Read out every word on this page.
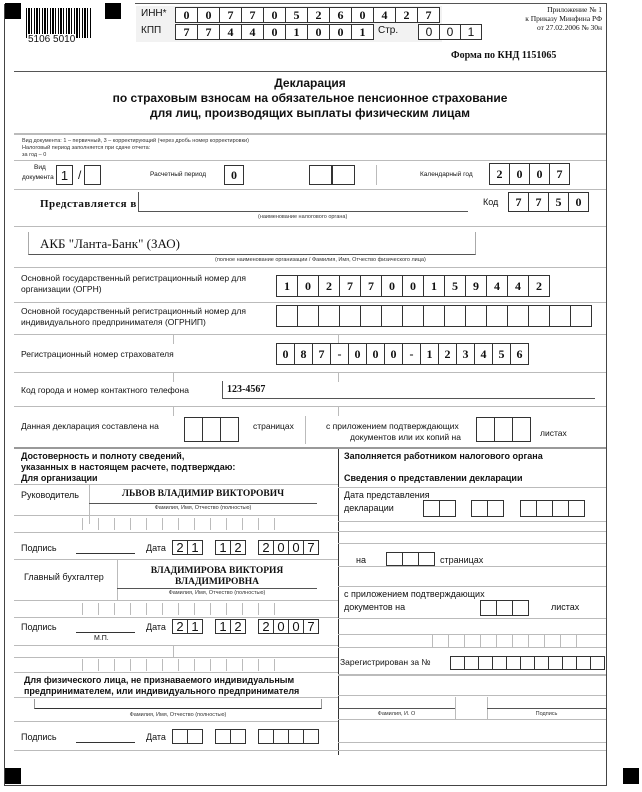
5106 5010
ИНН*
КПП
0	0	7	7	0	5	2	6	0	4	2	7
7	7	4	4	0	1	0	0	1	Стр.	0	0	1
Приложение № 1
к Приказу Минфина РФ
от 27.02.2006 № 30н
Форма по КНД 1151065
Декларация
по страховым взносам на обязательное пенсионное страхование
для лиц, производящих выплаты физическим лицам
Вид документа: 1 – первичный, 3 – корректирующий (через дробь номер корректировки)
Налоговый период заполняется при сдаче отчета:
за год – 0
Вид
документа 1 /	Расчетный период	0	Календарный год	2	0	0	7
Представляется в
(наименование налогового органа)
Код	7	7	5	0
АКБ "Ланта-Банк" (ЗАО)
(полное наименование организации / Фамилия, Имя, Отчество физического лица)
Основной государственный регистрационный номер для
организации (ОГРН)	1	0	2	7	7	0	0	1	5	9	4	4	2
Основной государственный регистрационный номер для
индивидуального предпринимателя (ОГРНИП)
Регистрационный номер страхователя	0	8	7	-	0	0	0	-	1	2	3	4	5	6
Код города и номер контактного телефона	123-4567
Данная декларация составлена на	страницах	с приложением подтверждающих
документов или их копий на	листах
Достоверность и полноту сведений,
указанных в настоящем расчете, подтверждаю:
Для организации
Руководитель	ЛЬВОВ ВЛАДИМИР ВИКТОРОВИЧ
Фамилия, Имя, Отчество (полностью)
Подпись	Дата 2 1	1 2	2 0 0 7
Главный бухгалтер
ВЛАДИМИРОВА ВИКТОРИЯ
ВЛАДИМИРОВНА
Фамилия, Имя, Отчество (полностью)
Подпись
М.П.
Дата 2 1	1 2	2 0 0 7
Для физического лица, не признаваемого индивидуальным
предпринимателем, или индивидуального предпринимателя
Фамилия, Имя, Отчество (полностью)
Подпись	Дата
Заполняется работником налогового органа
Сведения о представлении декларации
Дата представления
декларации
на	страницах
с приложением подтверждающих
документов на	листах
Зарегистрирован за №
Фамилия, И. О	Подпись
